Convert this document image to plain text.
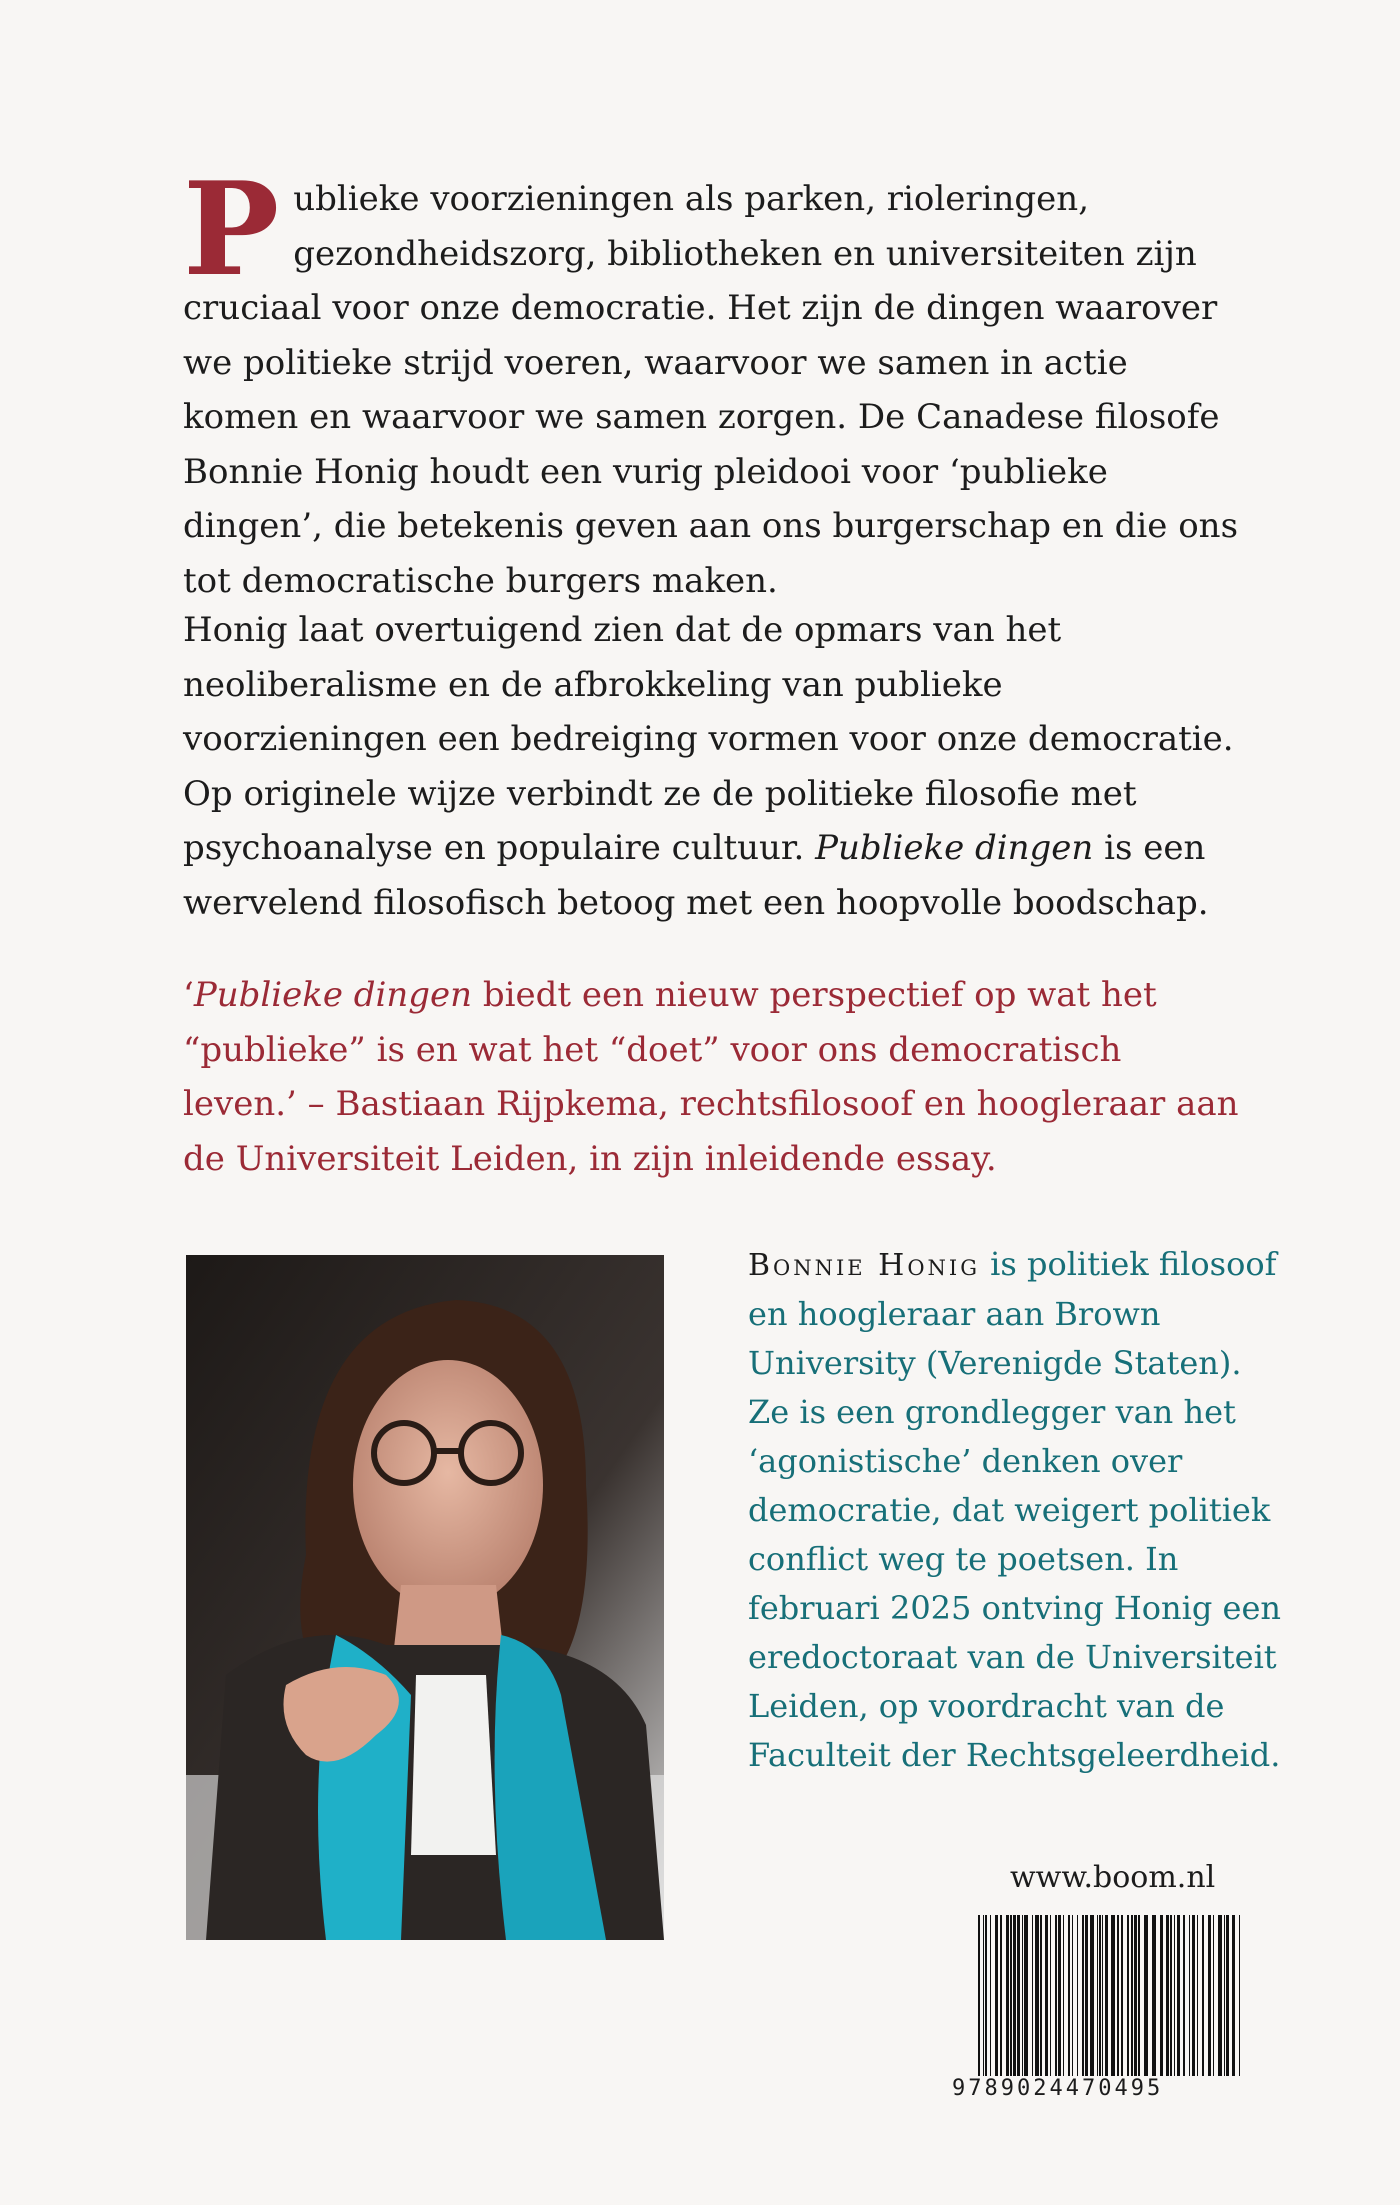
Publieke voorzieningen als parken, rioleringen, gezondheidszorg, bibliotheken en universiteiten zijn cruciaal voor onze democratie. Het zijn de dingen waarover we politieke strijd voeren, waarvoor we samen in actie komen en waarvoor we samen zorgen. De Canadese filosofe Bonnie Honig houdt een vurig pleidooi voor ‘publieke dingen’, die betekenis geven aan ons burgerschap en die ons tot democratische burgers maken.

Honig laat overtuigend zien dat de opmars van het neoliberalisme en de afbrokkeling van publieke voorzieningen een bedreiging vormen voor onze democratie. Op originele wijze verbindt ze de politieke filosofie met psychoanalyse en populaire cultuur. Publieke dingen is een wervelend filosofisch betoog met een hoopvolle boodschap.

‘Publieke dingen biedt een nieuw perspectief op wat het “publieke” is en wat het “doet” voor ons democratisch leven.’ – Bastiaan Rijpkema, rechtsfilosoof en hoogleraar aan de Universiteit Leiden, in zijn inleidende essay.

Bonnie Honig is politiek filosoof en hoogleraar aan Brown University (Verenigde Staten). Ze is een grondlegger van het ‘agonistische’ denken over democratie, dat weigert politiek conflict weg te poetsen. In februari 2025 ontving Honig een eredoctoraat van de Universiteit Leiden, op voordracht van de Faculteit der Rechtsgeleerdheid.

www.boom.nl
9789024470495
